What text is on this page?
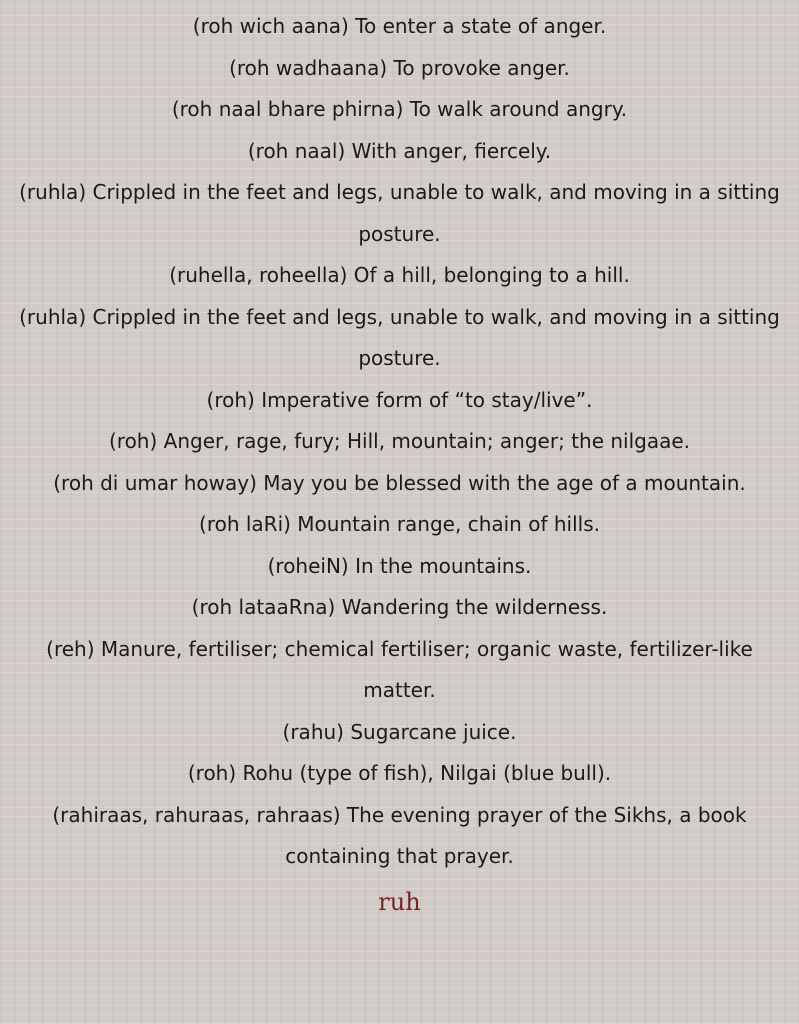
(roh wich aana) To enter a state of anger.

(roh wadhaana) To provoke anger.

(roh naal bhare phirna) To walk around angry.

(roh naal) With anger, fiercely.

(ruhla) Crippled in the feet and legs, unable to walk, and moving in a sitting posture.

(ruhella, roheella) Of a hill, belonging to a hill.

(ruhla) Crippled in the feet and legs, unable to walk, and moving in a sitting posture.

(roh) Imperative form of “to stay/live”.

(roh) Anger, rage, fury; Hill, mountain; anger; the nilgaae.

(roh di umar howay) May you be blessed with the age of a mountain.

(roh laRi) Mountain range, chain of hills.

(roheiN) In the mountains.

(roh lataaRna) Wandering the wilderness.

(reh) Manure, fertiliser; chemical fertiliser; organic waste, fertilizer-like matter.

(rahu) Sugarcane juice.

(roh) Rohu (type of fish), Nilgai (blue bull).

(rahiraas, rahuraas, rahraas) The evening prayer of the Sikhs, a book containing that prayer.

ruh
